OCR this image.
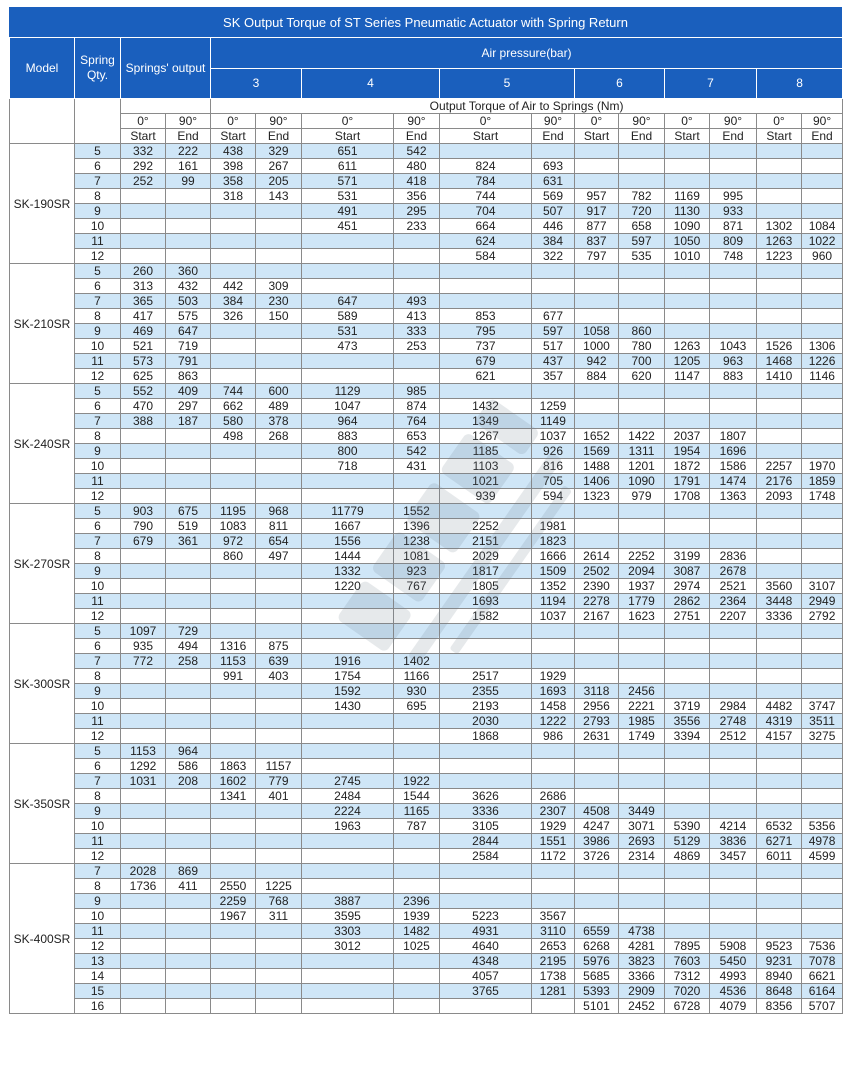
SK Output Torque of ST Series Pneumatic Actuator with Spring Return
Model	Spring Qty.	Springs' output		Air pressure(bar)											
				3		4		5		6		7		8	
				Output Torque of Air to Springs (Nm)											
		0°	90°	0°	90°	0°	90°	0°	90°	0°	90°	0°	90°	0°	90°
		Start	End	Start	End	Start	End	Start	End	Start	End	Start	End	Start	End
SK-190SR	5	332	222	438	329	651	542								
	6	292	161	398	267	611	480	824	693						
	7	252	99	358	205	571	418	784	631						
	8			318	143	531	356	744	569	957	782	1169	995		
	9					491	295	704	507	917	720	1130	933		
	10					451	233	664	446	877	658	1090	871	1302	1084
	11							624	384	837	597	1050	809	1263	1022
	12							584	322	797	535	1010	748	1223	960
SK-210SR	5	260	360												
	6	313	432	442	309										
	7	365	503	384	230	647	493								
	8	417	575	326	150	589	413	853	677						
	9	469	647			531	333	795	597	1058	860				
	10	521	719			473	253	737	517	1000	780	1263	1043	1526	1306
	11	573	791					679	437	942	700	1205	963	1468	1226
	12	625	863					621	357	884	620	1147	883	1410	1146
SK-240SR	5	552	409	744	600	1129	985								
	6	470	297	662	489	1047	874	1432	1259						
	7	388	187	580	378	964	764	1349	1149						
	8			498	268	883	653	1267	1037	1652	1422	2037	1807		
	9					800	542	1185	926	1569	1311	1954	1696		
	10					718	431	1103	816	1488	1201	1872	1586	2257	1970
	11							1021	705	1406	1090	1791	1474	2176	1859
	12							939	594	1323	979	1708	1363	2093	1748
SK-270SR	5	903	675	1195	968	11779	1552								
	6	790	519	1083	811	1667	1396	2252	1981						
	7	679	361	972	654	1556	1238	2151	1823						
	8			860	497	1444	1081	2029	1666	2614	2252	3199	2836		
	9					1332	923	1817	1509	2502	2094	3087	2678		
	10					1220	767	1805	1352	2390	1937	2974	2521	3560	3107
	11							1693	1194	2278	1779	2862	2364	3448	2949
	12							1582	1037	2167	1623	2751	2207	3336	2792
SK-300SR	5	1097	729												
	6	935	494	1316	875										
	7	772	258	1153	639	1916	1402								
	8			991	403	1754	1166	2517	1929						
	9					1592	930	2355	1693	3118	2456				
	10					1430	695	2193	1458	2956	2221	3719	2984	4482	3747
	11							2030	1222	2793	1985	3556	2748	4319	3511
	12							1868	986	2631	1749	3394	2512	4157	3275
SK-350SR	5	1153	964												
	6	1292	586	1863	1157										
	7	1031	208	1602	779	2745	1922								
	8			1341	401	2484	1544	3626	2686						
	9					2224	1165	3336	2307	4508	3449				
	10					1963	787	3105	1929	4247	3071	5390	4214	6532	5356
	11							2844	1551	3986	2693	5129	3836	6271	4978
	12							2584	1172	3726	2314	4869	3457	6011	4599
SK-400SR	7	2028	869												
	8	1736	411	2550	1225										
	9			2259	768	3887	2396								
	10			1967	311	3595	1939	5223	3567						
	11					3303	1482	4931	3110	6559	4738				
	12					3012	1025	4640	2653	6268	4281	7895	5908	9523	7536
	13							4348	2195	5976	3823	7603	5450	9231	7078
	14							4057	1738	5685	3366	7312	4993	8940	6621
	15							3765	1281	5393	2909	7020	4536	8648	6164
	16									5101	2452	6728	4079	8356	5707
